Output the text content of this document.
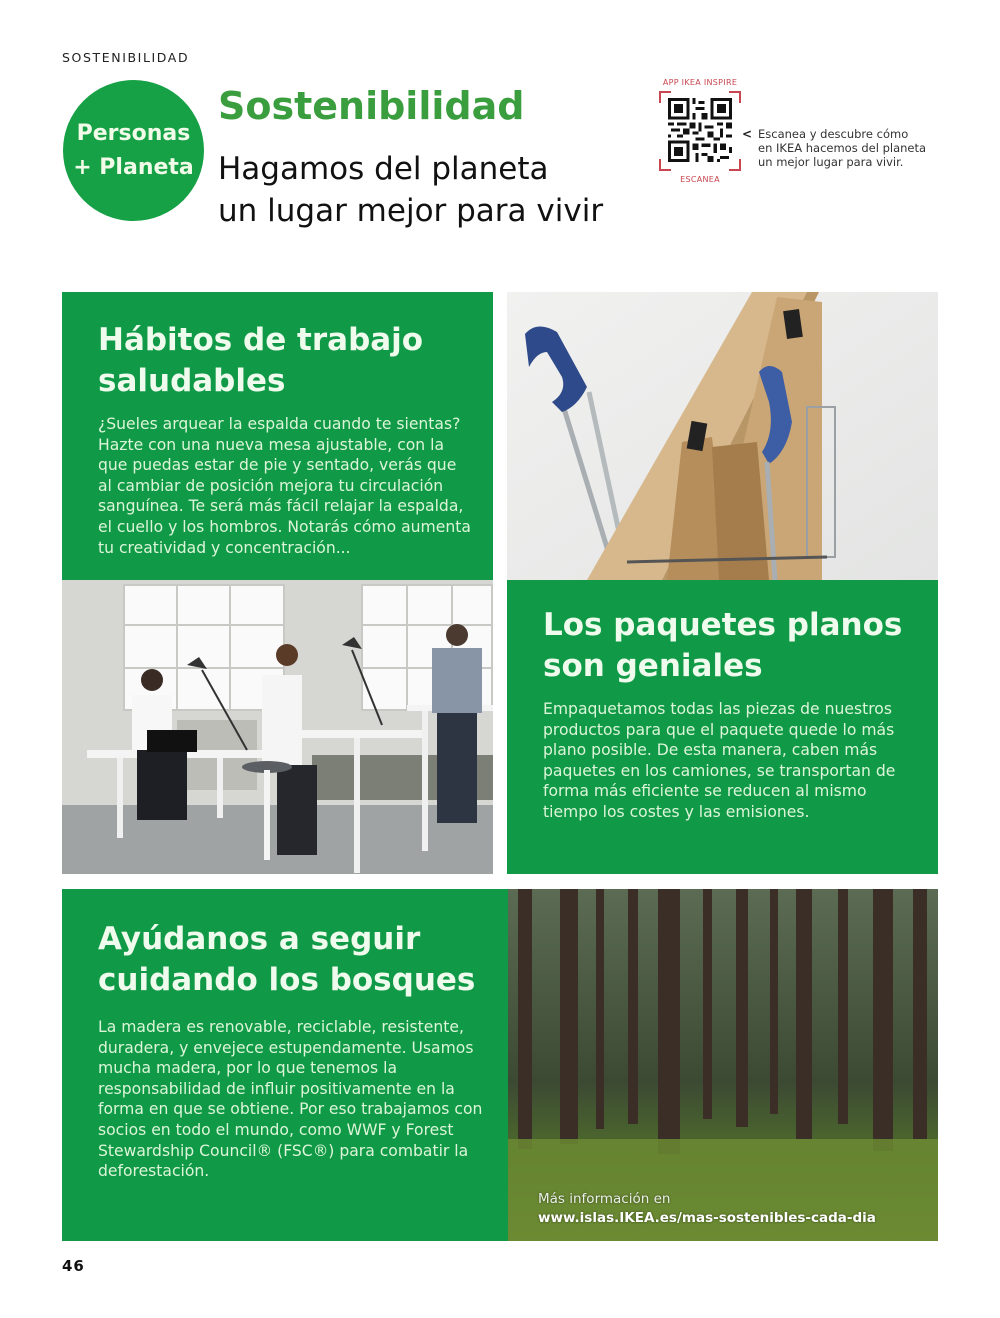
SOSTENIBILIDAD
Personas
+ Planeta
Sostenibilidad
Hagamos del planeta
un lugar mejor para vivir
APP IKEA INSPIRE
ESCANEA
< Escanea y descubre cómo
en IKEA hacemos del planeta
un mejor lugar para vivir.
Hábitos de trabajo
saludables

¿Sueles arquear la espalda cuando te sientas? Hazte con una nueva mesa ajustable, con la que puedas estar de pie y sentado, verás que al cambiar de posición mejora tu circulación sanguínea. Te será más fácil relajar la espalda, el cuello y los hombros. Notarás cómo aumenta tu creatividad y concentración...

Los paquetes planos
son geniales

Empaquetamos todas las piezas de nuestros productos para que el paquete quede lo más plano posible. De esta manera, caben más paquetes en los camiones, se transportan de forma más eficiente se reducen al mismo tiempo los costes y las emisiones.

Ayúdanos a seguir
cuidando los bosques

La madera es renovable, reciclable, resistente, duradera, y envejece estupendamente. Usamos mucha madera, por lo que tenemos la responsabilidad de influir positivamente en la forma en que se obtiene. Por eso trabajamos con socios en todo el mundo, como WWF y Forest Stewardship Council® (FSC®) para combatir la deforestación.

Más información en
www.islas.IKEA.es/mas-sostenibles-cada-dia
46
